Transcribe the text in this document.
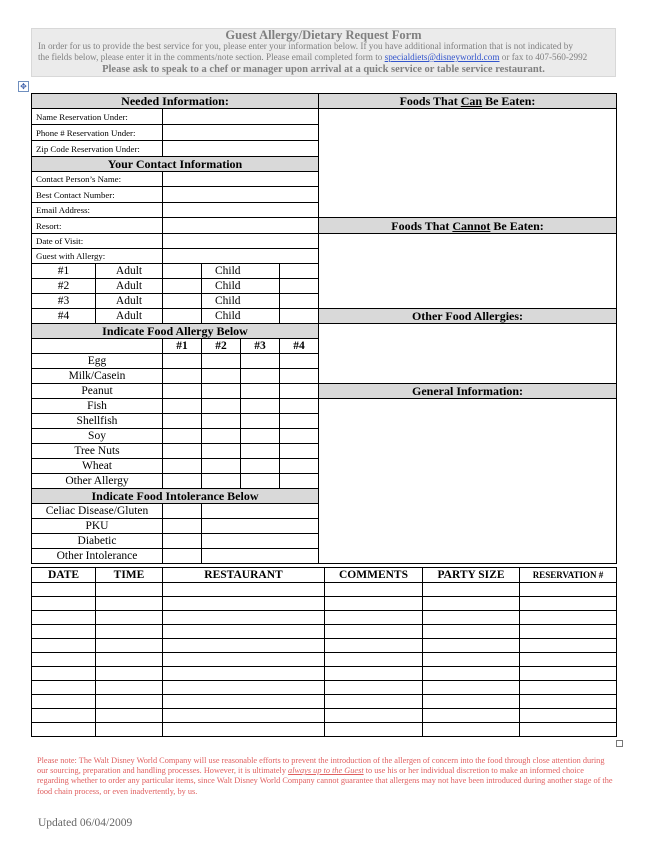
Guest Allergy/Dietary Request Form
In order for us to provide the best service for you, please enter your information below. If you have additional information that is not indicated by
the fields below, please enter it in the comments/note section. Please email completed form to specialdiets@disneyworld.com or fax to 407-560-2992
Please ask to speak to a chef or manager upon arrival at a quick service or table service restaurant.
✥
Needed Information:						Foods That Can Be Eaten:
Name Reservation Under:						
Phone # Reservation Under:						
Zip Code Reservation Under:						
Your Contact Information						
Contact Person’s Name:						
Best Contact Number:						
Email Address:						
Resort:						Foods That Cannot Be Eaten:
Date of Visit:						
Guest with Allergy:						
#1	Adult		Child			
#2	Adult		Child			
#3	Adult		Child			
#4	Adult		Child			Other Food Allergies:
Indicate Food Allergy Below						
		#1	#2	#3	#4	
Egg						
Milk/Casein						
Peanut						General Information:
Fish						
Shellfish						
Soy						
Tree Nuts						
Wheat						
Other Allergy						
Indicate Food Intolerance Below						
Celiac Disease/Gluten						
PKU						
Diabetic						
Other Intolerance						
DATE	TIME	RESTAURANT	COMMENTS	PARTY SIZE	RESERVATION #

Please note: The Walt Disney World Company will use reasonable efforts to prevent the introduction of the allergen of concern into the food through close attention during our sourcing, preparation and handling processes. However, it is ultimately always up to the Guest to use his or her individual discretion to make an informed choice regarding whether to order any particular items, since Walt Disney World Company cannot guarantee that allergens may not have been introduced during another stage of the food chain process, or even inadvertently, by us.
Updated 06/04/2009
